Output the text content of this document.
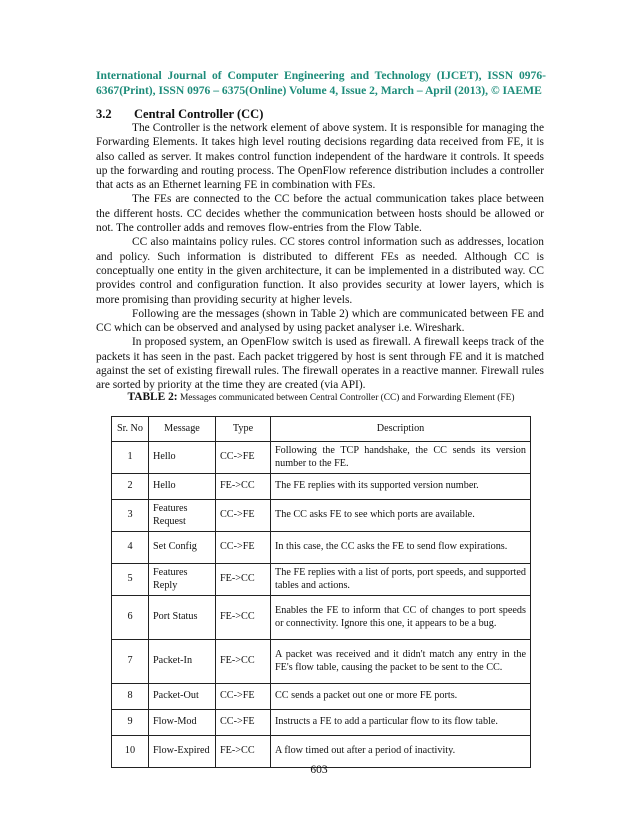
International Journal of Computer Engineering and Technology (IJCET), ISSN 0976-6367(Print), ISSN 0976 – 6375(Online) Volume 4, Issue 2, March – April (2013), © IAEME
3.2 Central Controller (CC)

The Controller is the network element of above system. It is responsible for managing the Forwarding Elements. It takes high level routing decisions regarding data received from FE, it is also called as server. It makes control function independent of the hardware it controls. It speeds up the forwarding and routing process. The OpenFlow reference distribution includes a controller that acts as an Ethernet learning FE in combination with FEs.

The FEs are connected to the CC before the actual communication takes place between the different hosts. CC decides whether the communication between hosts should be allowed or not. The controller adds and removes flow-entries from the Flow Table.

CC also maintains policy rules. CC stores control information such as addresses, location and policy. Such information is distributed to different FEs as needed. Although CC is conceptually one entity in the given architecture, it can be implemented in a distributed way. CC provides control and configuration function. It also provides security at lower layers, which is more promising than providing security at higher levels.

Following are the messages (shown in Table 2) which are communicated between FE and CC which can be observed and analysed by using packet analyser i.e. Wireshark.

In proposed system, an OpenFlow switch is used as firewall. A firewall keeps track of the packets it has seen in the past. Each packet triggered by host is sent through FE and it is matched against the set of existing firewall rules. The firewall operates in a reactive manner. Firewall rules are sorted by priority at the time they are created (via API).

TABLE 2: Messages communicated between Central Controller (CC) and Forwarding Element (FE)
Sr. No	Message	Type	Description
1	Hello	CC->FE	Following the TCP handshake, the CC sends its version number to the FE.
2	Hello	FE->CC	The FE replies with its supported version number.
3	Features Request	CC->FE	The CC asks FE to see which ports are available.
4	Set Config	CC->FE	In this case, the CC asks the FE to send flow expirations.
5	Features Reply	FE->CC	The FE replies with a list of ports, port speeds, and supported tables and actions.
6	Port Status	FE->CC	Enables the FE to inform that CC of changes to port speeds or connectivity. Ignore this one, it appears to be a bug.
7	Packet-In	FE->CC	A packet was received and it didn't match any entry in the FE's flow table, causing the packet to be sent to the CC.
8	Packet-Out	CC->FE	CC sends a packet out one or more FE ports.
9	Flow-Mod	CC->FE	Instructs a FE to add a particular flow to its flow table.
10	Flow-Expired	FE->CC	A flow timed out after a period of inactivity.
603
